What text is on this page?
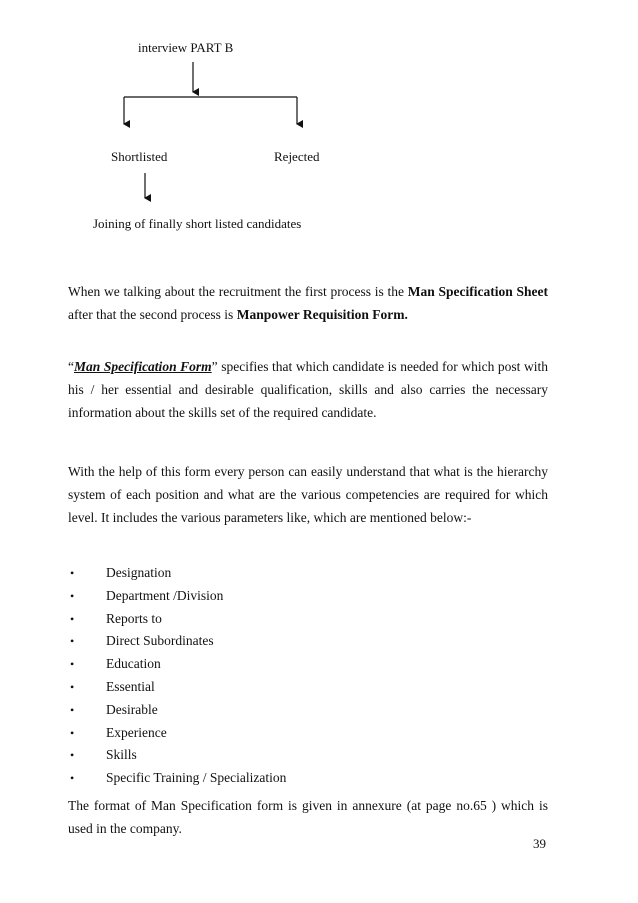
interview PART B
Shortlisted	Rejected
Joining of finally short listed candidates

When we talking about the recruitment the first process is the Man Specification Sheet after that the second process is Manpower Requisition Form.

“Man Specification Form” specifies that which candidate is needed for which post with his / her essential and desirable qualification, skills and also carries the necessary information about the skills set of the required candidate.

With the help of this form every person can easily understand that what is the hierarchy system of each position and what are the various competencies are required for which level. It includes the various parameters like, which are mentioned below:-

• Designation
• Department /Division
• Reports to
• Direct Subordinates
• Education
• Essential
• Desirable
• Experience
• Skills
• Specific Training / Specialization

The format of Man Specification form is given in annexure (at page no.65 ) which is used in the company.

39
